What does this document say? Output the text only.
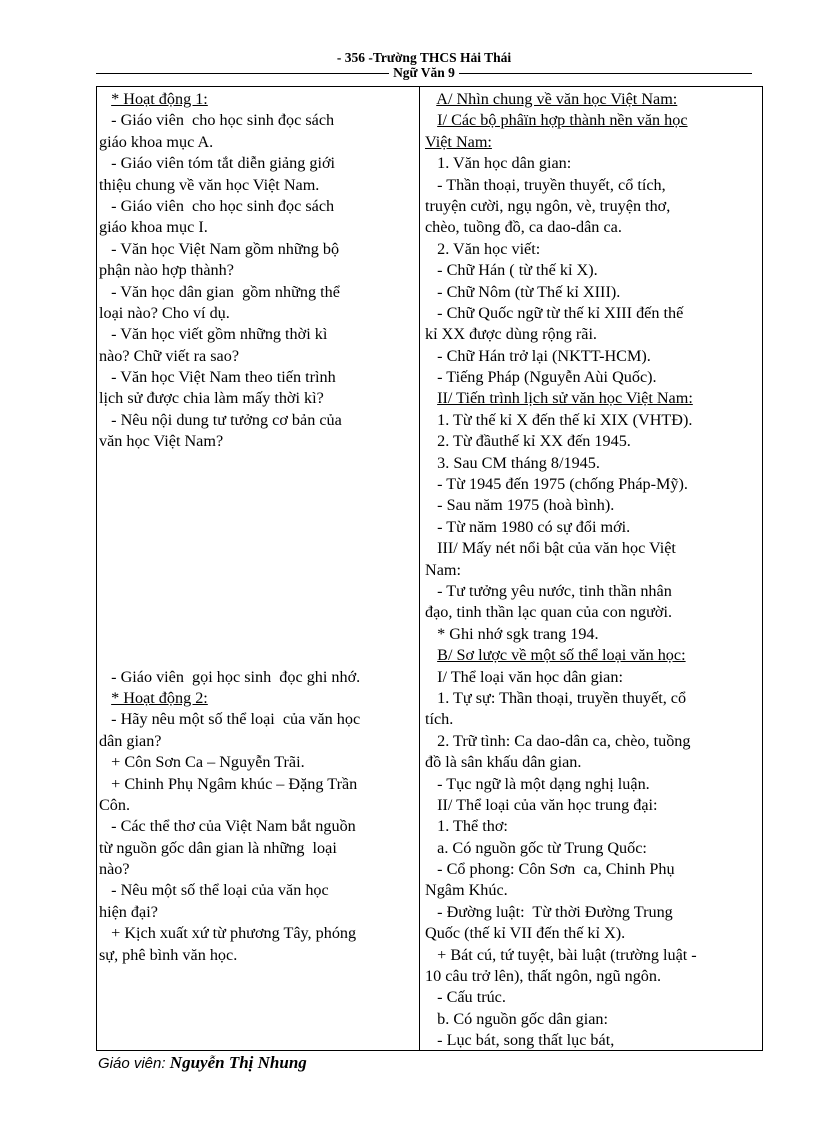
- 356 -Trường THCS Hải Thái
Ngữ Văn 9
* Hoạt động 1:
- Giáo viên  cho học sinh đọc sách
giáo khoa mục A.
- Giáo viên tóm tắt diễn giảng giới
thiệu chung về văn học Việt Nam.
- Giáo viên  cho học sinh đọc sách
giáo khoa mục I.
- Văn học Việt Nam gồm những bộ
phận nào hợp thành?
- Văn học dân gian  gồm những thể
loại nào? Cho ví dụ.
- Văn học viết gồm những thời kì
nào? Chữ viết ra sao?
- Văn học Việt Nam theo tiến trình
lịch sử được chia làm mấy thời kì?
- Nêu nội dung tư tưởng cơ bản của
văn học Việt Nam?
- Giáo viên  gọi học sinh  đọc ghi nhớ.
* Hoạt động 2:
- Hãy nêu một số thể loại  của văn học
dân gian?
+ Côn Sơn Ca – Nguyễn Trãi.
+ Chinh Phụ Ngâm khúc – Đặng Trần
Côn.
- Các thể thơ của Việt Nam bắt nguồn
từ nguồn gốc dân gian là những  loại
nào?
- Nêu một số thể loại của văn học
hiện đại?
+ Kịch xuất xứ từ phương Tây, phóng
sự, phê bình văn học.
A/ Nhìn chung về văn học Việt Nam:
I/ Các bộ phâïn hợp thành nền văn học
Việt Nam:
1. Văn học dân gian:
- Thần thoại, truyền thuyết, cổ tích,
truyện cười, ngụ ngôn, vè, truyện thơ,
chèo, tuồng đồ, ca dao-dân ca.
2. Văn học viết:
- Chữ Hán ( từ thế kỉ X).
- Chữ Nôm (từ Thế kỉ XIII).
- Chữ Quốc ngữ từ thế kỉ XIII đến thế
kỉ XX được dùng rộng rãi.
- Chữ Hán trở lại (NKTT-HCM).
- Tiếng Pháp (Nguyễn Aùi Quốc).
II/ Tiến trình lịch sử văn học Việt Nam:
1. Từ thế kỉ X đến thế kỉ XIX (VHTĐ).
2. Từ đầuthế kỉ XX đến 1945.
3. Sau CM tháng 8/1945.
- Từ 1945 đến 1975 (chống Pháp-Mỹ).
- Sau năm 1975 (hoà bình).
- Từ năm 1980 có sự đổi mới.
III/ Mấy nét nổi bật của văn học Việt
Nam:
- Tư tưởng yêu nước, tinh thần nhân
đạo, tinh thần lạc quan của con người.
* Ghi nhớ sgk trang 194.
B/ Sơ lược về một số thể loại văn học:
I/ Thể loại văn học dân gian:
1. Tự sự: Thần thoại, truyền thuyết, cổ
tích.
2. Trữ tình: Ca dao-dân ca, chèo, tuồng
đồ là sân khấu dân gian.
- Tục ngữ là một dạng nghị luận.
II/ Thể loại của văn học trung đại:
1. Thể thơ:
a. Có nguồn gốc từ Trung Quốc:
- Cổ phong: Côn Sơn  ca, Chinh Phụ
Ngâm Khúc.
- Đường luật:  Từ thời Đường Trung
Quốc (thế kỉ VII đến thế kỉ X).
+ Bát cú, tứ tuyệt, bài luật (trường luật -
10 câu trở lên), thất ngôn, ngũ ngôn.
- Cấu trúc.
b. Có nguồn gốc dân gian:
- Lục bát, song thất lục bát,
Giáo viên: Nguyễn Thị Nhung
